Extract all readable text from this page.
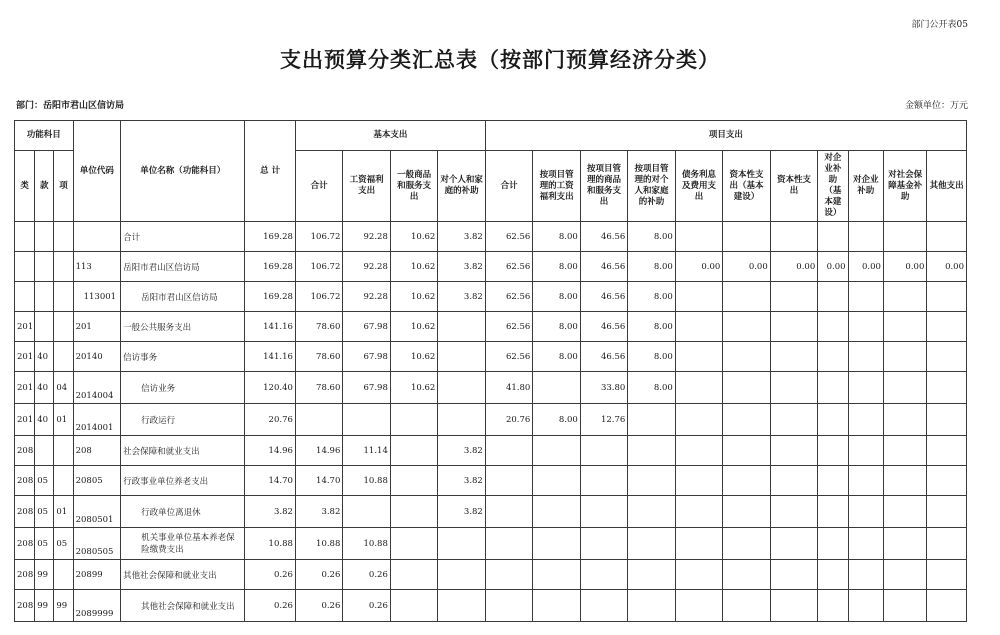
部门公开表05
支出预算分类汇总表（按部门预算经济分类）
部门：岳阳市君山区信访局	金额单位：万元
功能科目			单位代码	单位名称（功能科目）	总 计	基本支出				项目支出										
类	款	项				合计	工资福利支出	一般商品和服务支出	对个人和家庭的补助	合计	按项目管理的工资福利支出	按项目管理的商品和服务支出	按项目管理的对个人和家庭的补助	债务利息及费用支出	资本性支出（基本建设）	资本性支出	对企业补助（基本建设）	对企业补助	对社会保障基金补助	其他支出
				合计	169.28	106.72	92.28	10.62	3.82	62.56	8.00	46.56	8.00							
			113	岳阳市君山区信访局	169.28	106.72	92.28	10.62	3.82	62.56	8.00	46.56	8.00	0.00	0.00	0.00	0.00	0.00	0.00	0.00
			113001	岳阳市君山区信访局	169.28	106.72	92.28	10.62	3.82	62.56	8.00	46.56	8.00							
201			201	一般公共服务支出	141.16	78.60	67.98	10.62		62.56	8.00	46.56	8.00							
201	40		20140	信访事务	141.16	78.60	67.98	10.62		62.56	8.00	46.56	8.00							
201	40	04	2014004	信访业务	120.40	78.60	67.98	10.62		41.80		33.80	8.00							
201	40	01	2014001	行政运行	20.76					20.76	8.00	12.76								
208			208	社会保障和就业支出	14.96	14.96	11.14		3.82											
208	05		20805	行政事业单位养老支出	14.70	14.70	10.88		3.82											
208	05	01	2080501	行政单位离退休	3.82	3.82			3.82											
208	05	05	2080505	机关事业单位基本养老保险缴费支出	10.88	10.88	10.88													
208	99		20899	其他社会保障和就业支出	0.26	0.26	0.26													
208	99	99	2089999	其他社会保障和就业支出	0.26	0.26	0.26													
